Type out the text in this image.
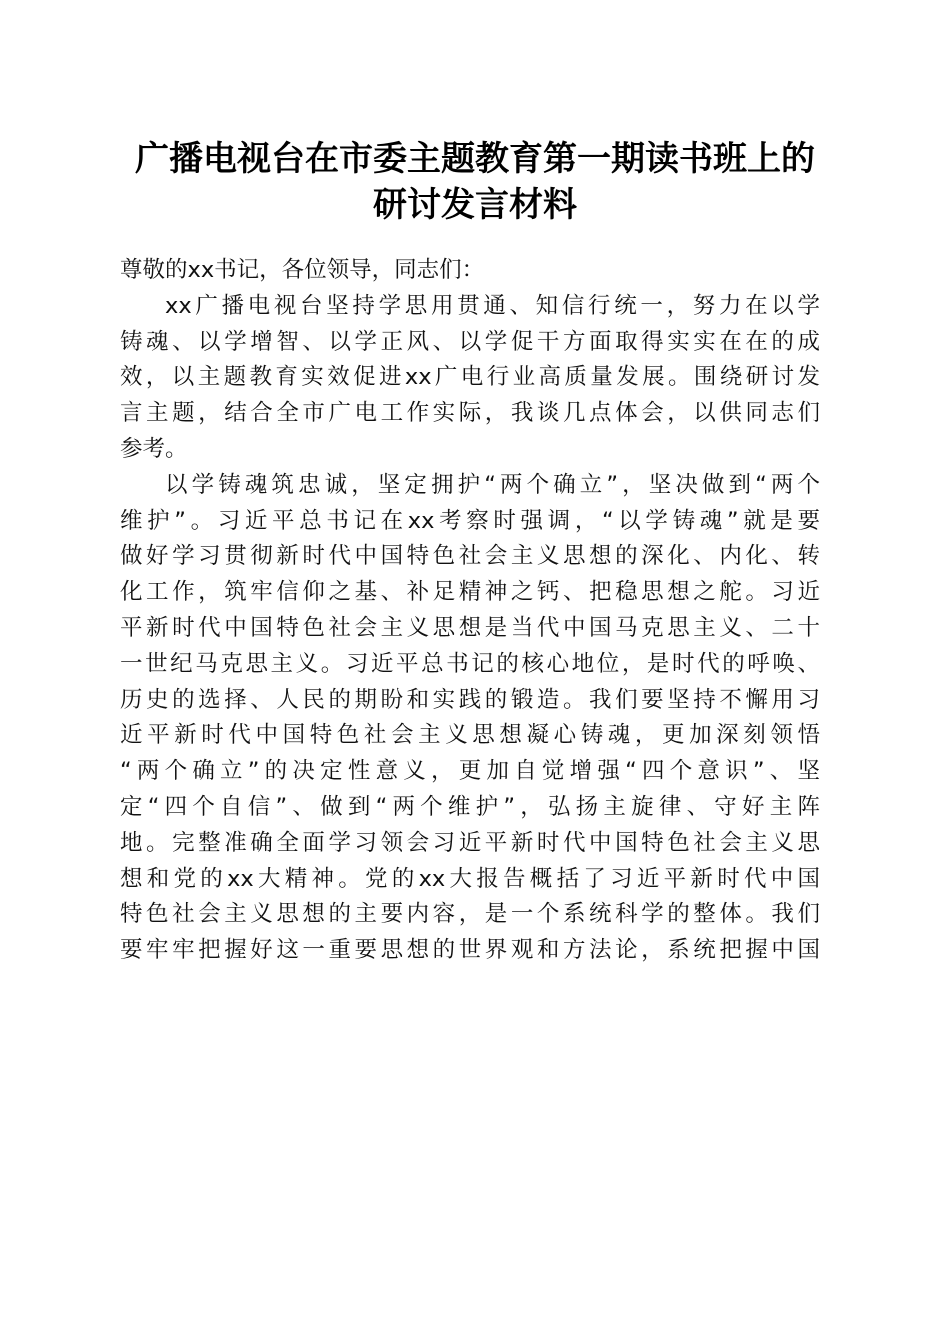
广播电视台在市委主题教育第一期读书班上的
研讨发言材料
尊敬的xx书记，各位领导，同志们：
xx广播电视台坚持学思用贯通、知信行统一，努力在以学
铸魂、以学增智、以学正风、以学促干方面取得实实在在的成
效，以主题教育实效促进xx广电行业高质量发展。围绕研讨发
言主题，结合全市广电工作实际，我谈几点体会，以供同志们
参考。
以学铸魂筑忠诚，坚定拥护“两个确立”，坚决做到“两个
维护”。习近平总书记在xx考察时强调，“以学铸魂”就是要
做好学习贯彻新时代中国特色社会主义思想的深化、内化、转
化工作，筑牢信仰之基、补足精神之钙、把稳思想之舵。习近
平新时代中国特色社会主义思想是当代中国马克思主义、二十
一世纪马克思主义。习近平总书记的核心地位，是时代的呼唤、
历史的选择、人民的期盼和实践的锻造。我们要坚持不懈用习
近平新时代中国特色社会主义思想凝心铸魂，更加深刻领悟
“两个确立”的决定性意义，更加自觉增强“四个意识”、坚
定“四个自信”、做到“两个维护”，弘扬主旋律、守好主阵
地。完整准确全面学习领会习近平新时代中国特色社会主义思
想和党的xx大精神。党的xx大报告概括了习近平新时代中国
特色社会主义思想的主要内容，是一个系统科学的整体。我们
要牢牢把握好这一重要思想的世界观和方法论，系统把握中国
